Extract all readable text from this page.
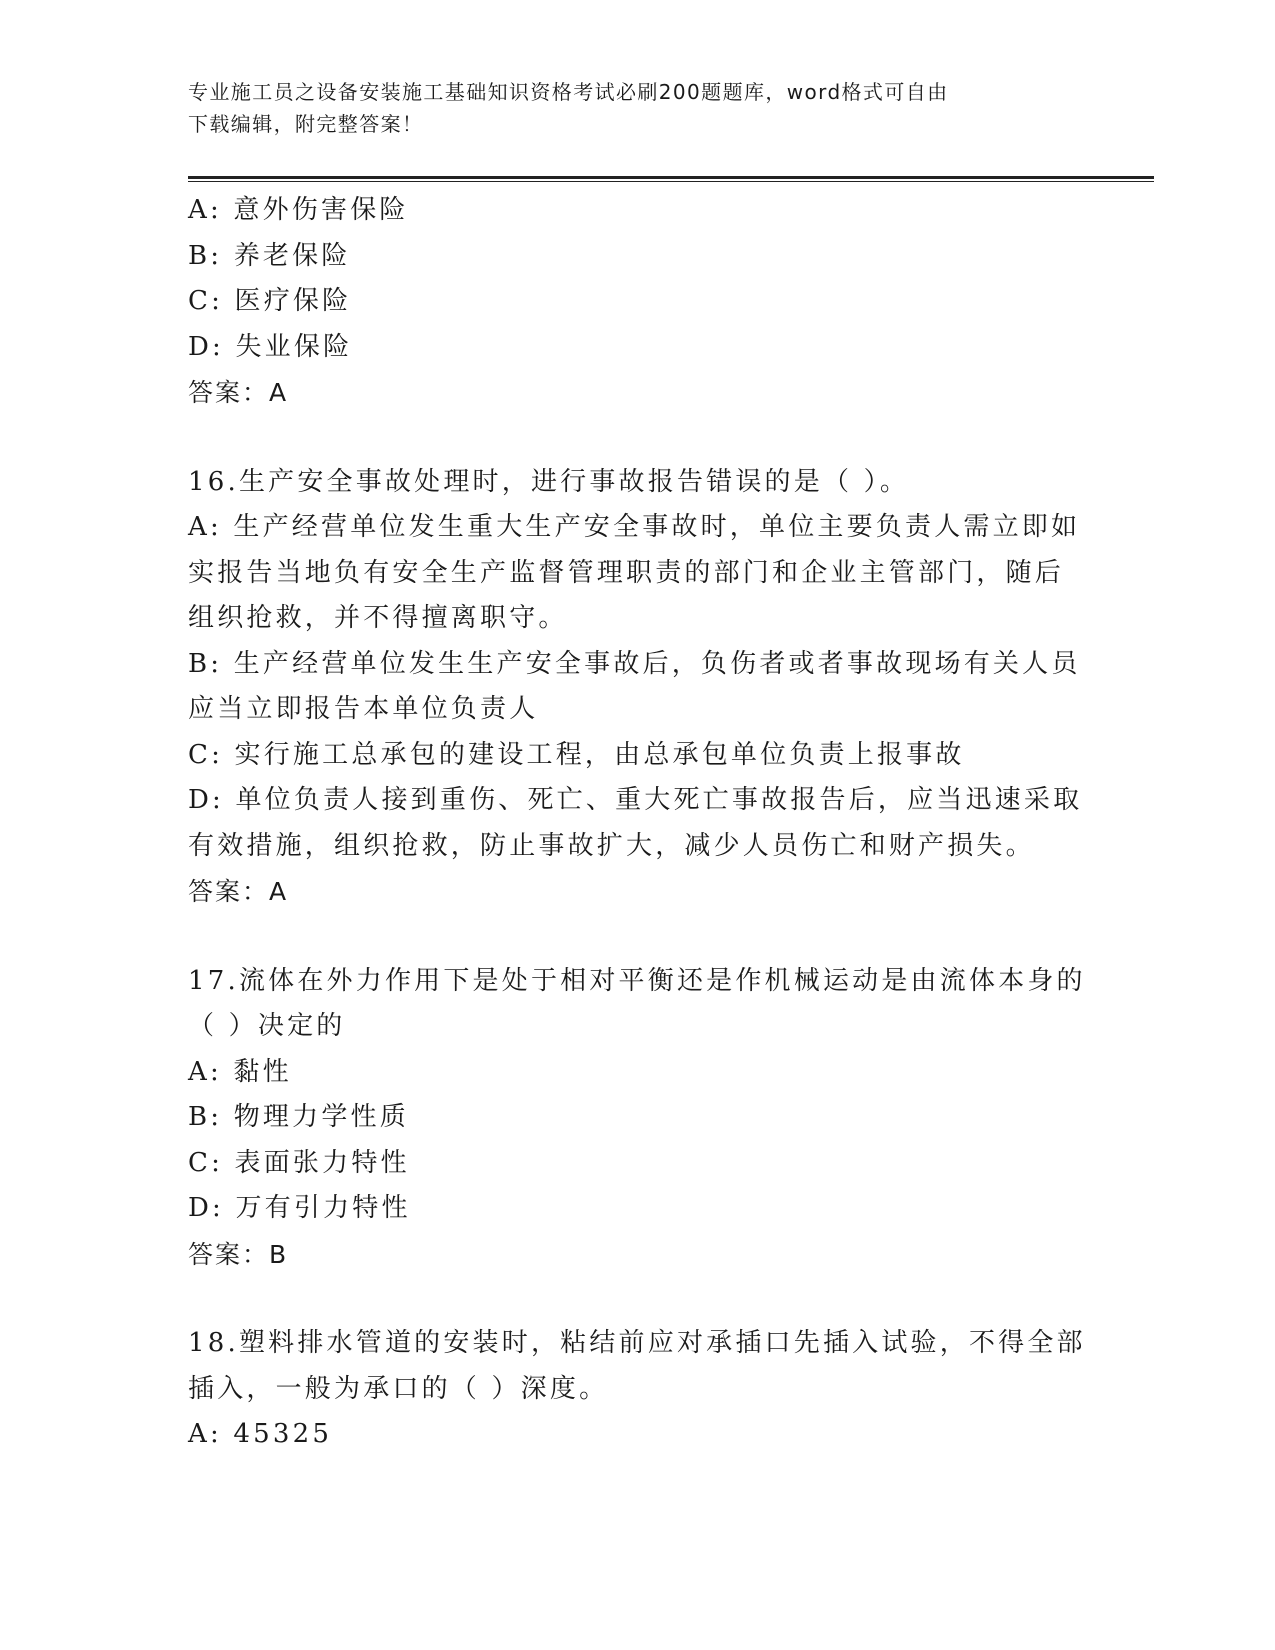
专业施工员之设备安装施工基础知识资格考试必刷200题题库，word格式可自由
下载编辑，附完整答案！
A: 意外伤害保险
B: 养老保险
C: 医疗保险
D: 失业保险
答案：A
16.生产安全事故处理时，进行事故报告错误的是（ ）。
A: 生产经营单位发生重大生产安全事故时，单位主要负责人需立即如
实报告当地负有安全生产监督管理职责的部门和企业主管部门，随后
组织抢救，并不得擅离职守。
B: 生产经营单位发生生产安全事故后，负伤者或者事故现场有关人员
应当立即报告本单位负责人
C: 实行施工总承包的建设工程，由总承包单位负责上报事故
D: 单位负责人接到重伤、死亡、重大死亡事故报告后，应当迅速采取
有效措施，组织抢救，防止事故扩大，减少人员伤亡和财产损失。
答案：A
17.流体在外力作用下是处于相对平衡还是作机械运动是由流体本身的
（ ）决定的
A: 黏性
B: 物理力学性质
C: 表面张力特性
D: 万有引力特性
答案：B
18.塑料排水管道的安装时，粘结前应对承插口先插入试验，不得全部
插入，一般为承口的（ ）深度。
A: 45325
